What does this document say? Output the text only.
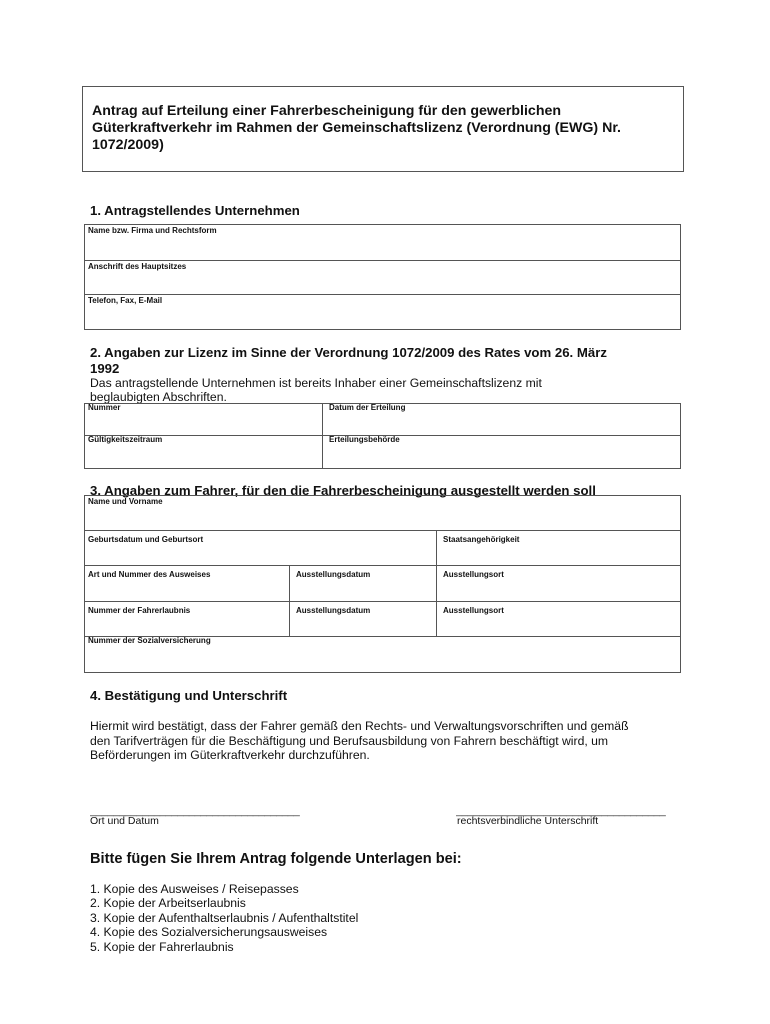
Antrag auf Erteilung einer Fahrerbescheinigung für den gewerblichen Güterkraftverkehr im Rahmen der Gemeinschaftslizenz (Verordnung (EWG) Nr. 1072/2009)
1. Antragstellendes Unternehmen
Name bzw. Firma und Rechtsform
Anschrift des Hauptsitzes
Telefon, Fax, E-Mail
2. Angaben zur Lizenz im Sinne der Verordnung 1072/2009 des Rates vom 26. März
1992
Das antragstellende Unternehmen ist bereits Inhaber einer Gemeinschaftslizenz mit
beglaubigten Abschriften.
Nummer	Datum der Erteilung
Gültigkeitszeitraum	Erteilungsbehörde
3. Angaben zum Fahrer, für den die Fahrerbescheinigung ausgestellt werden soll
Name und Vorname
Geburtsdatum und Geburtsort	Staatsangehörigkeit
Art und Nummer des Ausweises	Ausstellungsdatum	Ausstellungsort
Nummer der Fahrerlaubnis	Ausstellungsdatum	Ausstellungsort
Nummer der Sozialversicherung
4. Bestätigung und Unterschrift
Hiermit wird bestätigt, dass der Fahrer gemäß den Rechts- und Verwaltungsvorschriften und gemäß
den Tarifverträgen für die Beschäftigung und Berufsausbildung von Fahrern beschäftigt wird, um
Beförderungen im Güterkraftverkehr durchzuführen.
____________________________________
Ort und Datum
____________________________________
rechtsverbindliche Unterschrift
Bitte fügen Sie Ihrem Antrag folgende Unterlagen bei:
1. Kopie des Ausweises / Reisepasses
2. Kopie der Arbeitserlaubnis
3. Kopie der Aufenthaltserlaubnis / Aufenthaltstitel
4. Kopie des Sozialversicherungsausweises
5. Kopie der Fahrerlaubnis
